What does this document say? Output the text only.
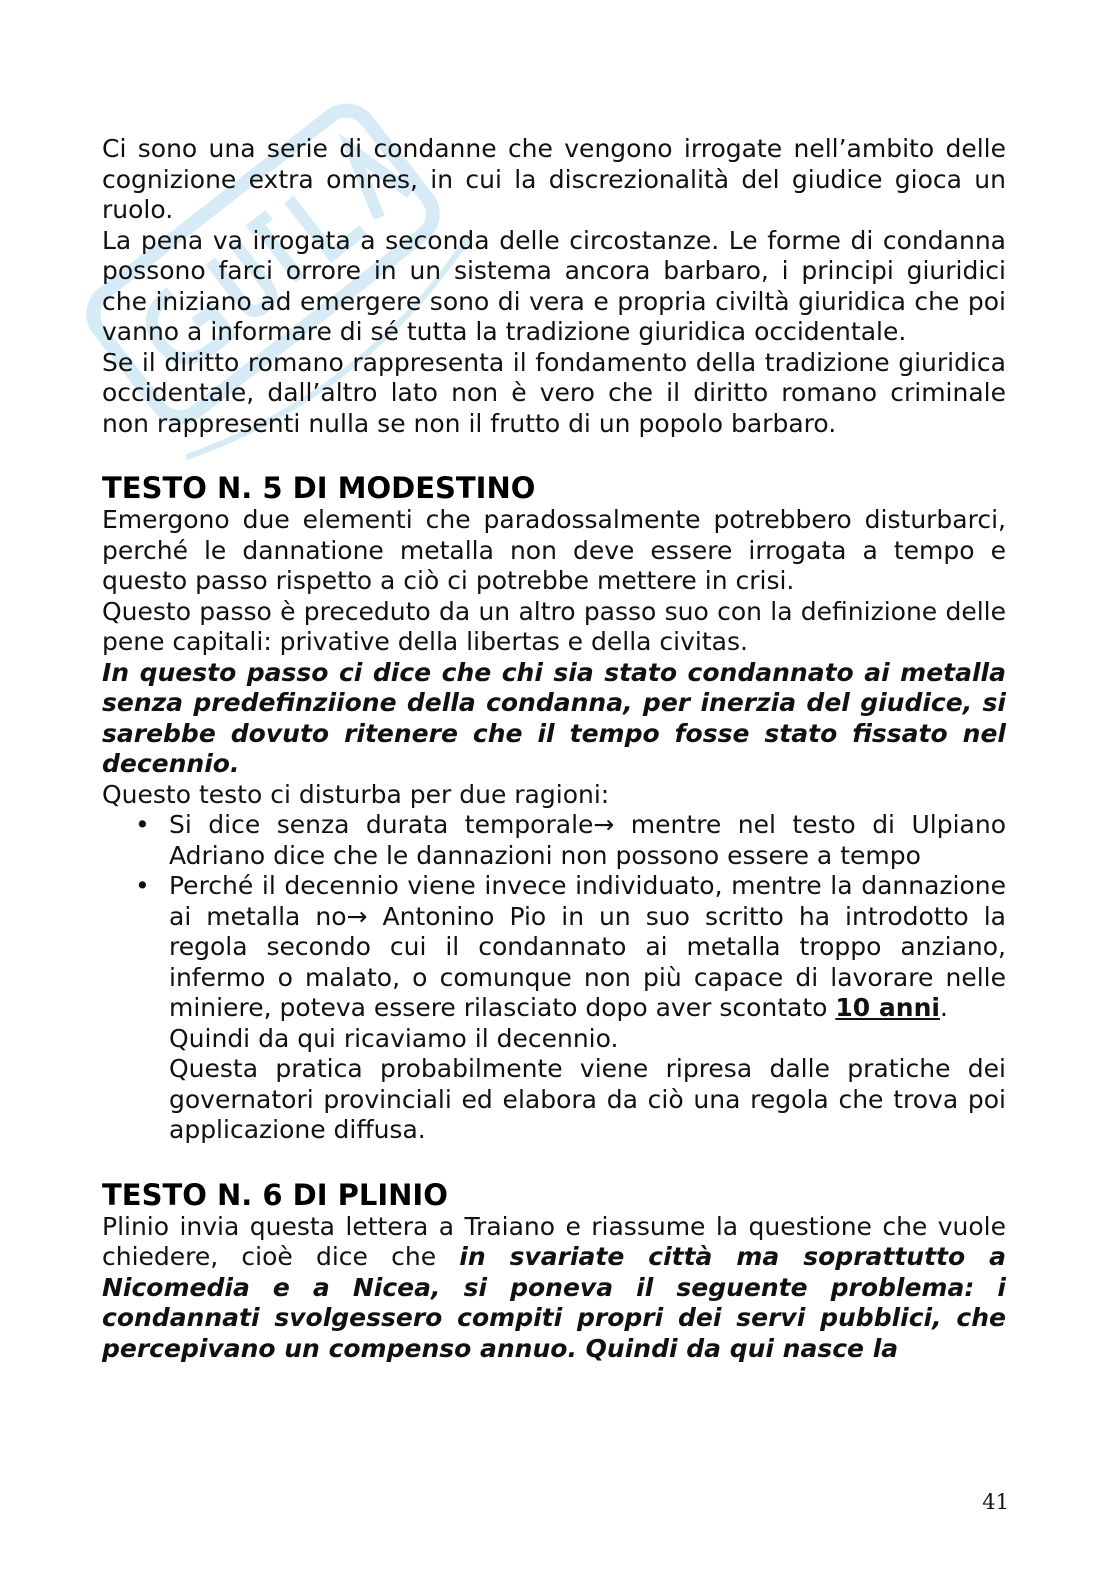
Ci sono una serie di condanne che vengono irrogate nell’ambito delle cognizione extra omnes, in cui la discrezionalità del giudice gioca un ruolo.

La pena va irrogata a seconda delle circostanze. Le forme di condanna possono farci orrore in un sistema ancora barbaro, i principi giuridici che iniziano ad emergere sono di vera e propria civiltà giuridica che poi vanno a informare di sé tutta la tradizione giuridica occidentale.

Se il diritto romano rappresenta il fondamento della tradizione giuridica occidentale, dall’altro lato non è vero che il diritto romano criminale non rappresenti nulla se non il frutto di un popolo barbaro.

TESTO N. 5 DI MODESTINO

Emergono due elementi che paradossalmente potrebbero disturbarci, perché le dannatione metalla non deve essere irrogata a tempo e questo passo rispetto a ciò ci potrebbe mettere in crisi.

Questo passo è preceduto da un altro passo suo con la definizione delle pene capitali: privative della libertas e della civitas.

In questo passo ci dice che chi sia stato condannato ai metalla senza predefinziione della condanna, per inerzia del giudice, si sarebbe dovuto ritenere che il tempo fosse stato fissato nel decennio.

Questo testo ci disturba per due ragioni:

• Si dice senza durata temporale→ mentre nel testo di Ulpiano Adriano dice che le dannazioni non possono essere a tempo
• Perché il decennio viene invece individuato, mentre la dannazione ai metalla no→ Antonino Pio in un suo scritto ha introdotto la regola secondo cui il condannato ai metalla troppo anziano, infermo o malato, o comunque non più capace di lavorare nelle miniere, poteva essere rilasciato dopo aver scontato 10 anni.
Quindi da qui ricaviamo il decennio.
Questa pratica probabilmente viene ripresa dalle pratiche dei governatori provinciali ed elabora da ciò una regola che trova poi applicazione diffusa.
TESTO N. 6 DI PLINIO

Plinio invia questa lettera a Traiano e riassume la questione che vuole chiedere, cioè dice che in svariate città ma soprattutto a Nicomedia e a Nicea, si poneva il seguente problema: i condannati svolgessero compiti propri dei servi pubblici, che percepivano un compenso annuo. Quindi da qui nasce la

41
